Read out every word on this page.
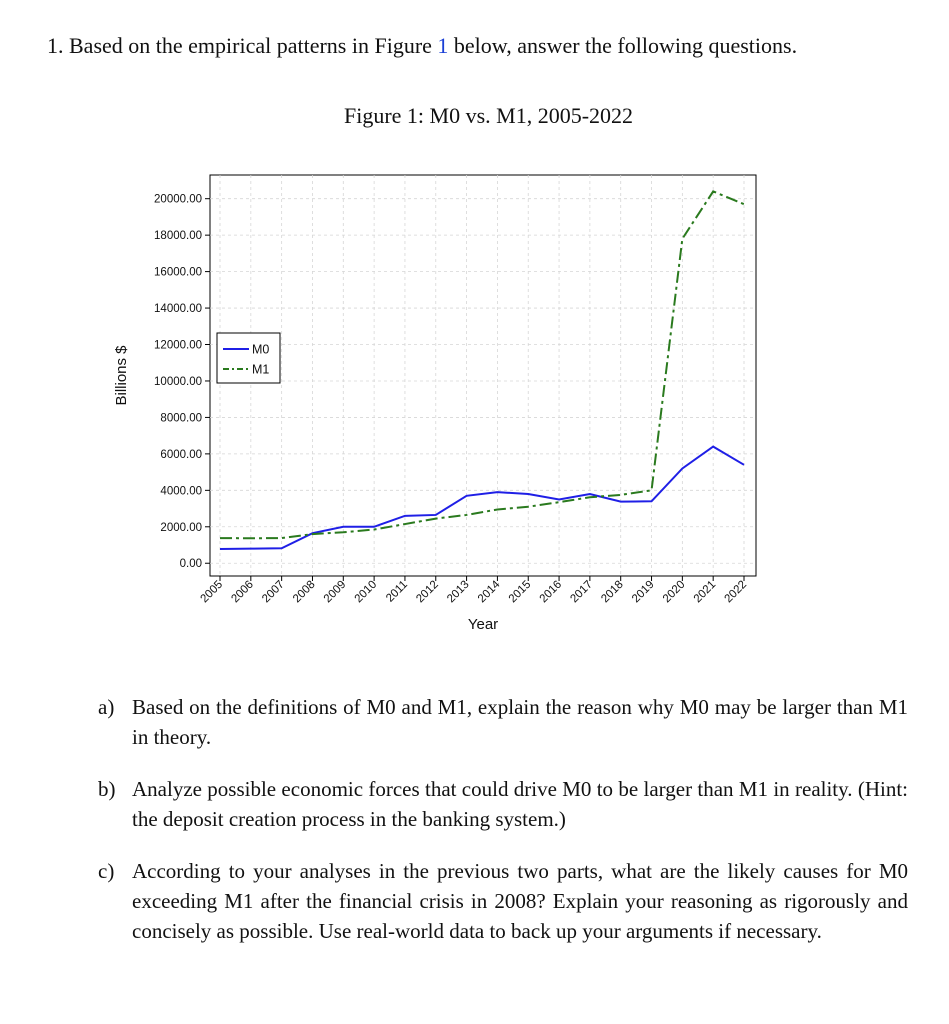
1. Based on the empirical patterns in Figure 1 below, answer the following questions.
Figure 1: M0 vs. M1, 2005-2022
0.00
2000.00
4000.00
6000.00
8000.00
10000.00
12000.00
14000.00
16000.00
18000.00
20000.00
2005 2006 2007 2008 2009 2010 2011 2012 2013 2014 2015 2016 2017 2018 2019 2020 2021 2022
Year
Billions $	M0
M1
a) Based on the definitions of M0 and M1, explain the reason why M0 may be larger than M1 in theory.
b) Analyze possible economic forces that could drive M0 to be larger than M1 in reality. (Hint: the deposit creation process in the banking system.)
c) According to your analyses in the previous two parts, what are the likely causes for M0 exceeding M1 after the financial crisis in 2008? Explain your reasoning as rigorously and concisely as possible. Use real-world data to back up your arguments if necessary.
